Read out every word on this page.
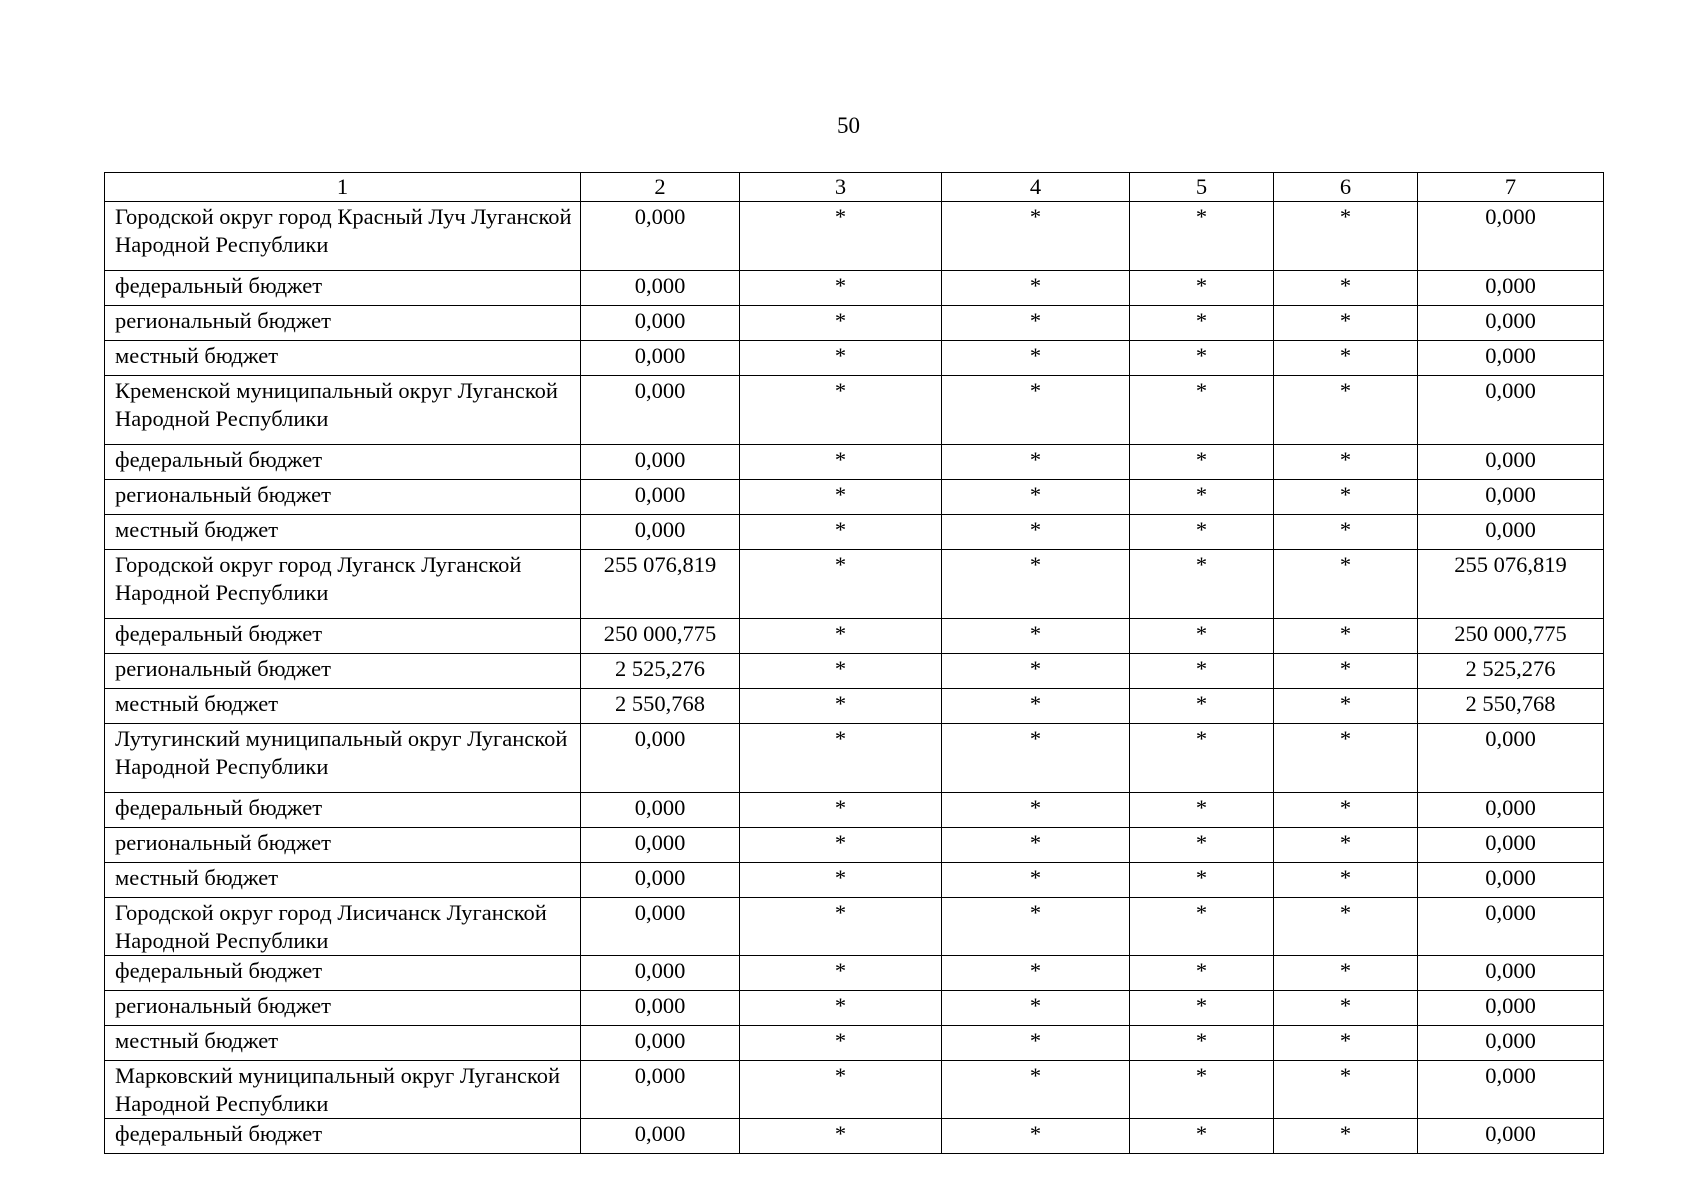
50
1	2	3	4	5	6	7
Городской округ город Красный Луч Луганской Народной Республики	0,000	*	*	*	*	0,000
федеральный бюджет	0,000	*	*	*	*	0,000
региональный бюджет	0,000	*	*	*	*	0,000
местный бюджет	0,000	*	*	*	*	0,000
Кременской муниципальный округ Луганской Народной Республики	0,000	*	*	*	*	0,000
федеральный бюджет	0,000	*	*	*	*	0,000
региональный бюджет	0,000	*	*	*	*	0,000
местный бюджет	0,000	*	*	*	*	0,000
Городской округ город Луганск Луганской Народной Республики	255 076,819	*	*	*	*	255 076,819
федеральный бюджет	250 000,775	*	*	*	*	250 000,775
региональный бюджет	2 525,276	*	*	*	*	2 525,276
местный бюджет	2 550,768	*	*	*	*	2 550,768
Лутугинский муниципальный округ Луганской Народной Республики	0,000	*	*	*	*	0,000
федеральный бюджет	0,000	*	*	*	*	0,000
региональный бюджет	0,000	*	*	*	*	0,000
местный бюджет	0,000	*	*	*	*	0,000
Городской округ город Лисичанск Луганской Народной Республики	0,000	*	*	*	*	0,000
федеральный бюджет	0,000	*	*	*	*	0,000
региональный бюджет	0,000	*	*	*	*	0,000
местный бюджет	0,000	*	*	*	*	0,000
Марковский муниципальный округ Луганской Народной Республики	0,000	*	*	*	*	0,000
федеральный бюджет	0,000	*	*	*	*	0,000
